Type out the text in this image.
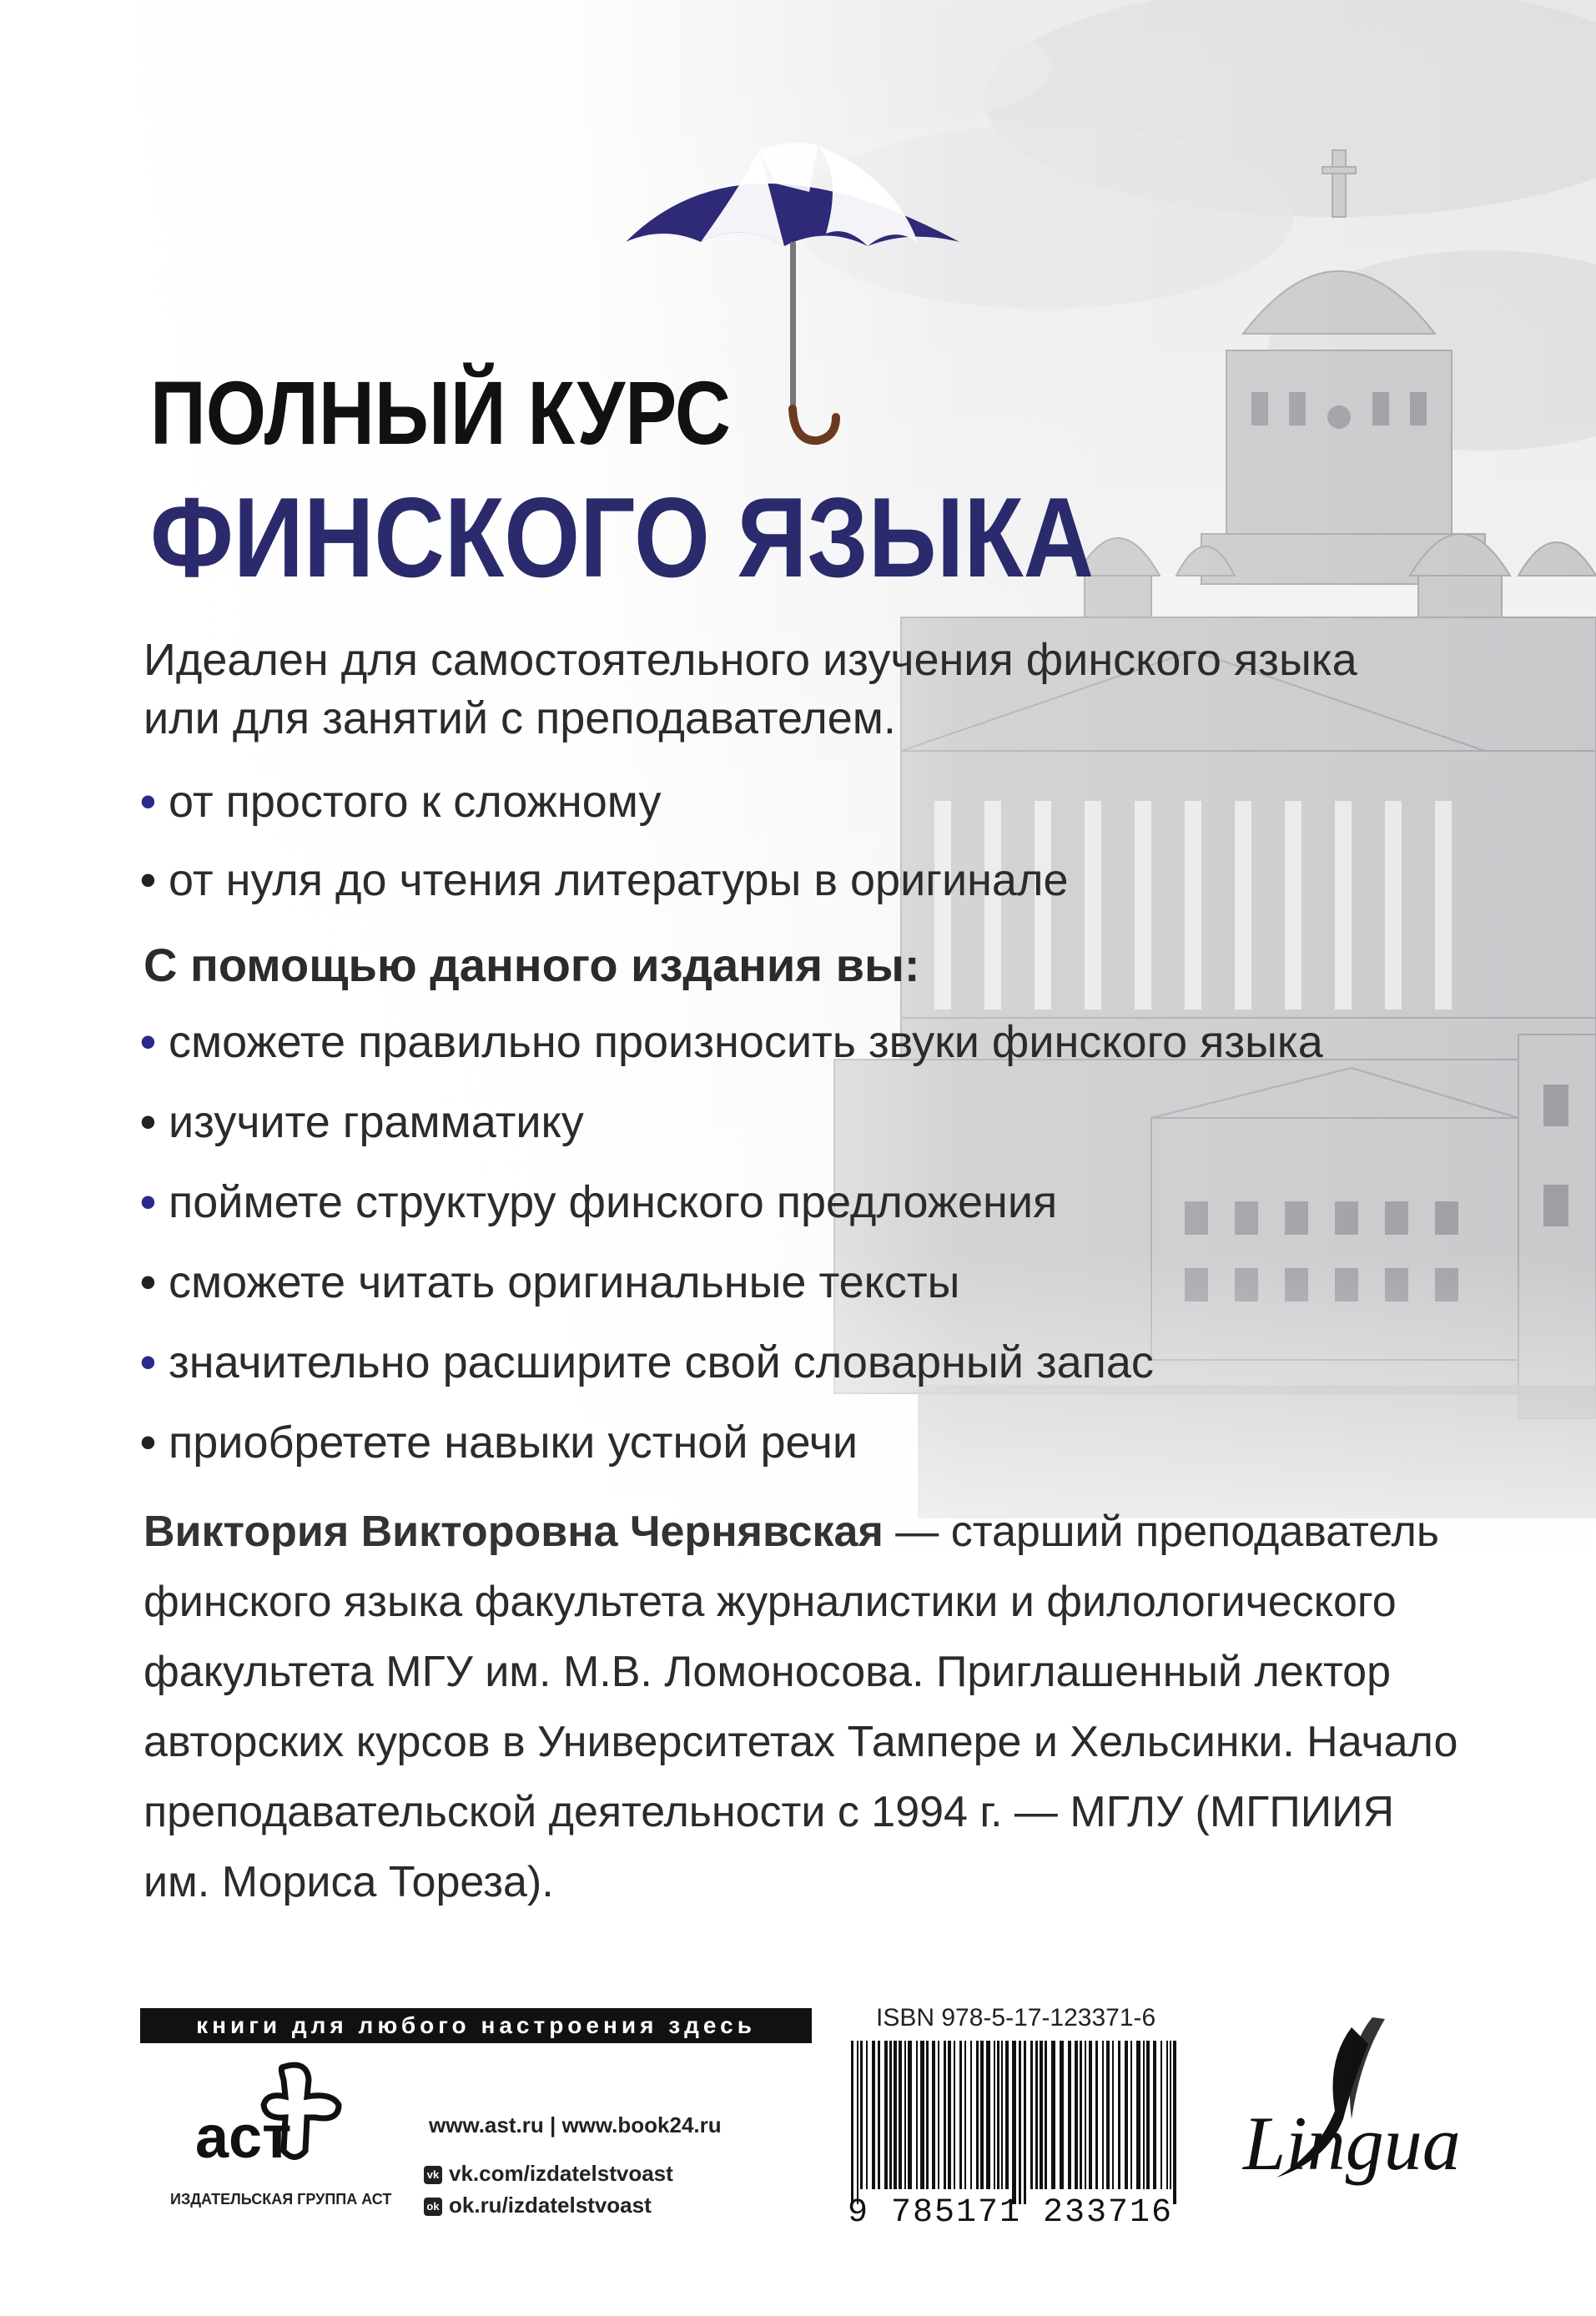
ПОЛНЫЙ КУРС
ФИНСКОГО ЯЗЫКА
Идеален для самостоятельного изучения финского языка или для занятий с преподавателем.
• от простого к сложному
• от нуля до чтения литературы в оригинале
С помощью данного издания вы:
• сможете правильно произносить звуки финского языка
• изучите грамматику
• поймете структуру финского предложения
• сможете читать оригинальные тексты
• значительно расширите свой словарный запас
• приобретете навыки устной речи
Виктория Викторовна Чернявская — старший преподаватель финского языка факультета журналистики и филологического факультета МГУ им. М.В. Ломоносова. Приглашенный лектор авторских курсов в Университетах Тампере и Хельсинки. Начало преподавательской деятельности с 1994 г. — МГЛУ (МГПИИЯ им. Мориса Тореза).
книги для любого настроения здесь
аст
ИЗДАТЕЛЬСКАЯ ГРУППА АСТ
www.ast.ru | www.book24.ru
vk vk.com/izdatelstvoast
ok ok.ru/izdatelstvoast
ISBN 978-5-17-123371-6
9 785171 233716
Lingua
